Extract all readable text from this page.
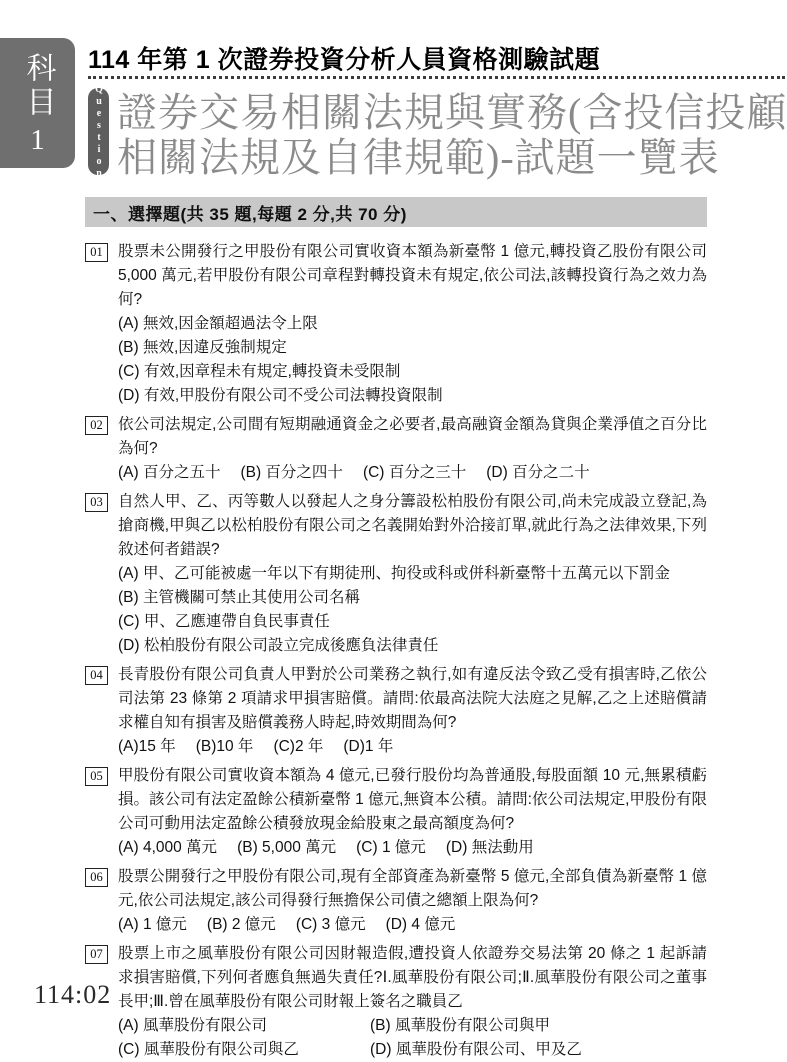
科目
1
114 年第 1 次證券投資分析人員資格測驗試題
Question 證券交易相關法規與實務(含投信投顧
相關法規及自律規範)-試題一覽表
一、選擇題(共 35 題,每題 2 分,共 70 分)
01 股票未公開發行之甲股份有限公司實收資本額為新臺幣 1 億元,轉投資乙股份有限公司 5,000 萬元,若甲股份有限公司章程對轉投資未有規定,依公司法,該轉投資行為之效力為何?
(A) 無效,因金額超過法令上限
(B) 無效,因違反強制規定
(C) 有效,因章程未有規定,轉投資未受限制
(D) 有效,甲股份有限公司不受公司法轉投資限制
02 依公司法規定,公司間有短期融通資金之必要者,最高融資金額為貸與企業淨值之百分比為何?
(A) 百分之五十 (B) 百分之四十 (C) 百分之三十 (D) 百分之二十
03 自然人甲、乙、丙等數人以發起人之身分籌設松柏股份有限公司,尚未完成設立登記,為搶商機,甲與乙以松柏股份有限公司之名義開始對外洽接訂單,就此行為之法律效果,下列敘述何者錯誤?
(A) 甲、乙可能被處一年以下有期徒刑、拘役或科或併科新臺幣十五萬元以下罰金
(B) 主管機關可禁止其使用公司名稱
(C) 甲、乙應連帶自負民事責任
(D) 松柏股份有限公司設立完成後應負法律責任
04 長青股份有限公司負責人甲對於公司業務之執行,如有違反法令致乙受有損害時,乙依公司法第 23 條第 2 項請求甲損害賠償。請問:依最高法院大法庭之見解,乙之上述賠償請求權自知有損害及賠償義務人時起,時效期間為何?
(A)15 年 (B)10 年 (C)2 年 (D)1 年
05 甲股份有限公司實收資本額為 4 億元,已發行股份均為普通股,每股面額 10 元,無累積虧損。該公司有法定盈餘公積新臺幣 1 億元,無資本公積。請問:依公司法規定,甲股份有限公司可動用法定盈餘公積發放現金給股東之最高額度為何?
(A) 4,000 萬元 (B) 5,000 萬元 (C) 1 億元 (D) 無法動用
06 股票公開發行之甲股份有限公司,現有全部資產為新臺幣 5 億元,全部負債為新臺幣 1 億元,依公司法規定,該公司得發行無擔保公司債之總額上限為何?
(A) 1 億元 (B) 2 億元 (C) 3 億元 (D) 4 億元
07 股票上市之風華股份有限公司因財報造假,遭投資人依證券交易法第 20 條之 1 起訴請求損害賠償,下列何者應負無過失責任?Ⅰ.風華股份有限公司;Ⅱ.風華股份有限公司之董事長甲;Ⅲ.曾在風華股份有限公司財報上簽名之職員乙
(A) 風華股份有限公司	(B) 風華股份有限公司與甲
(C) 風華股份有限公司與乙	(D) 風華股份有限公司、甲及乙
114:02
